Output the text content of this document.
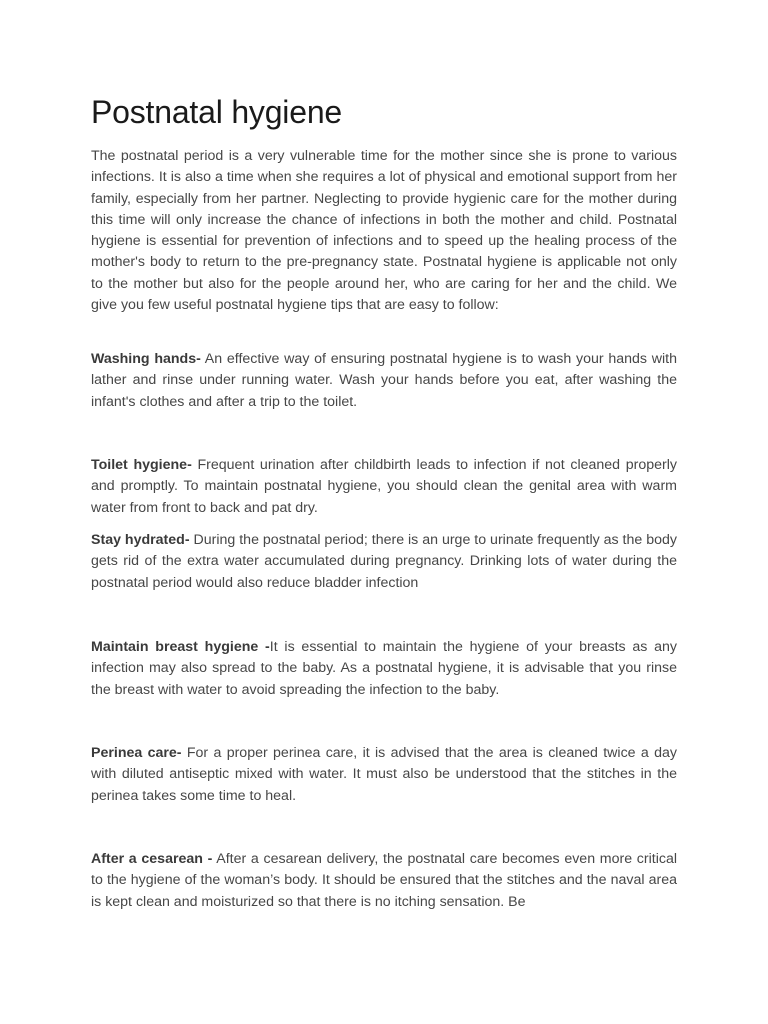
Postnatal hygiene

The postnatal period is a very vulnerable time for the mother since she is prone to various infections. It is also a time when she requires a lot of physical and emotional support from her family, especially from her partner. Neglecting to provide hygienic care for the mother during this time will only increase the chance of infections in both the mother and child. Postnatal hygiene is essential for prevention of infections and to speed up the healing process of the mother's body to return to the pre-pregnancy state. Postnatal hygiene is applicable not only to the mother but also for the people around her, who are caring for her and the child. We give you few useful postnatal hygiene tips that are easy to follow:

Washing hands- An effective way of ensuring postnatal hygiene is to wash your hands with lather and rinse under running water. Wash your hands before you eat, after washing the infant's clothes and after a trip to the toilet.

Toilet hygiene- Frequent urination after childbirth leads to infection if not cleaned properly and promptly. To maintain postnatal hygiene, you should clean the genital area with warm water from front to back and pat dry.

Stay hydrated- During the postnatal period; there is an urge to urinate frequently as the body gets rid of the extra water accumulated during pregnancy. Drinking lots of water during the postnatal period would also reduce bladder infection

Maintain breast hygiene -It is essential to maintain the hygiene of your breasts as any infection may also spread to the baby. As a postnatal hygiene, it is advisable that you rinse the breast with water to avoid spreading the infection to the baby.

Perinea care- For a proper perinea care, it is advised that the area is cleaned twice a day with diluted antiseptic mixed with water. It must also be understood that the stitches in the perinea takes some time to heal.

After a cesarean - After a cesarean delivery, the postnatal care becomes even more critical to the hygiene of the woman’s body. It should be ensured that the stitches and the naval area is kept clean and moisturized so that there is no itching sensation. Be
